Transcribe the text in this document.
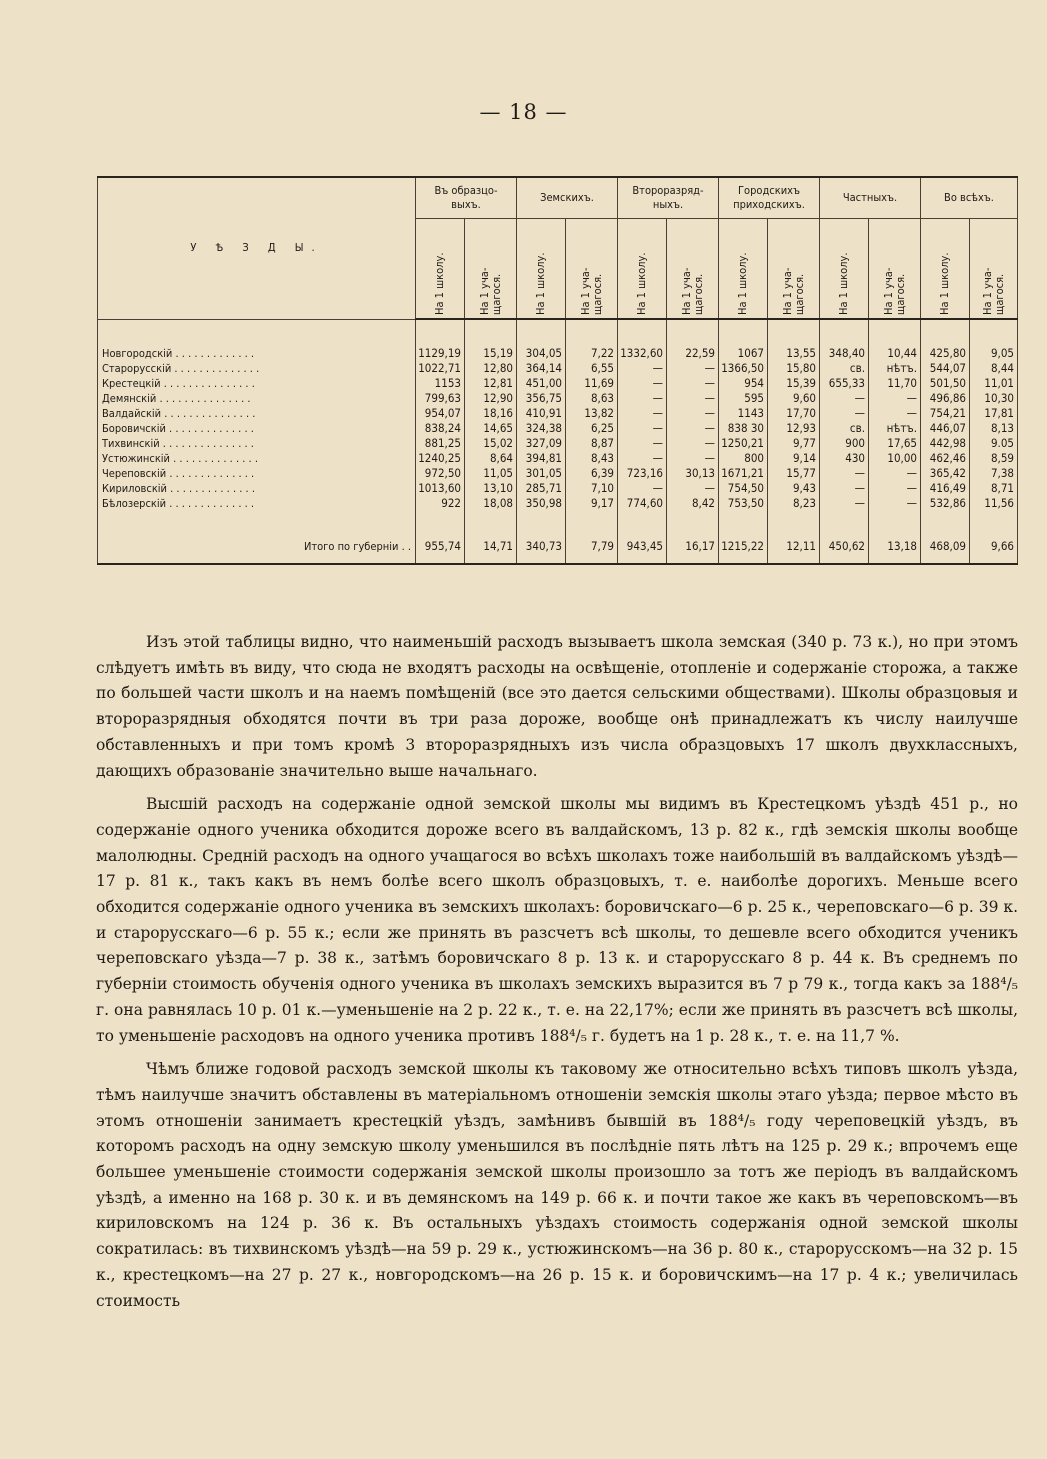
— 18 —
У Ѣ З Д Ы.	Въ образцо-
выхъ.		Земскихъ.		Второразряд-
ныхъ.		Городскихъ
приходскихъ.		Частныхъ.		Во всѣхъ.	

	На 1 школу.	На 1 уча-
щагося.	На 1 школу.	На 1 уча-
щагося.	На 1 школу.	На 1 уча-
щагося.	На 1 школу.	На 1 уча-
щагося.	На 1 школу.	На 1 уча-
щагося.	На 1 школу.	На 1 уча-
щагося.

Новгородскій . . . . . . . . . . . . .	1129,19	15,19	304,05	7,22	1332,60	22,59	1067	13,55	348,40	10,44	425,80	9,05
Старорусскій . . . . . . . . . . . . . .	1022,71	12,80	364,14	6,55	—	—	1366,50	15,80	св.	нѣтъ.	544,07	8,44
Крестецкій . . . . . . . . . . . . . . .	1153	12,81	451,00	11,69	—	—	954	15,39	655,33	11,70	501,50	11,01
Демянскій . . . . . . . . . . . . . . .	799,63	12,90	356,75	8,63	—	—	595	9,60	—	—	496,86	10,30
Валдайскій . . . . . . . . . . . . . . .	954,07	18,16	410,91	13,82	—	—	1143	17,70	—	—	754,21	17,81
Боровичскій . . . . . . . . . . . . . .	838,24	14,65	324,38	6,25	—	—	838 30	12,93	св.	нѣтъ.	446,07	8,13
Тихвинскій . . . . . . . . . . . . . . .	881,25	15,02	327,09	8,87	—	—	1250,21	9,77	900	17,65	442,98	9.05
Устюжинскій . . . . . . . . . . . . . .	1240,25	8,64	394,81	8,43	—	—	800	9,14	430	10,00	462,46	8,59
Череповскій . . . . . . . . . . . . . .	972,50	11,05	301,05	6,39	723,16	30,13	1671,21	15,77	—	—	365,42	7,38
Кириловскій . . . . . . . . . . . . . .	1013,60	13,10	285,71	7,10	—	—	754,50	9,43	—	—	416,49	8,71
Бѣлозерскій . . . . . . . . . . . . . .	922	18,08	350,98	9,17	774,60	8,42	753,50	8,23	—	—	532,86	11,56

Итого по губерніи . .	955,74	14,71	340,73	7,79	943,45	16,17	1215,22	12,11	450,62	13,18	468,09	9,66

Изъ этой таблицы видно, что наименьшій расходъ вызываетъ школа земская (340 р. 73 к.), но при этомъ слѣдуетъ имѣть въ виду, что сюда не входятъ расходы на освѣщеніе, отопленіе и содержаніе сторожа, а также по большей части школъ и на наемъ помѣщеній (все это дается сельскими обществами). Школы образцовыя и второразрядныя обходятся почти въ три раза дороже, вообще онѣ принадлежатъ къ числу наилучше обставленныхъ и при томъ кромѣ 3 второразрядныхъ изъ числа образцовыхъ 17 школъ двухклассныхъ, дающихъ образованіе значительно выше начальнаго.

Высшій расходъ на содержаніе одной земской школы мы видимъ въ Крестецкомъ уѣздѣ 451 р., но содержаніе одного ученика обходится дороже всего въ валдайскомъ, 13 р. 82 к., гдѣ земскія школы вообще малолюдны. Средній расходъ на одного учащагося во всѣхъ школахъ тоже наибольшій въ валдайскомъ уѣздѣ—17 р. 81 к., такъ какъ въ немъ болѣе всего школъ образцовыхъ, т. е. наиболѣе дорогихъ. Меньше всего обходится содержаніе одного ученика въ земскихъ школахъ: боровичскаго—6 р. 25 к., череповскаго—6 р. 39 к. и старорусскаго—6 р. 55 к.; если же принять въ разсчетъ всѣ школы, то дешевле всего обходится ученикъ череповскаго уѣзда—7 р. 38 к., затѣмъ боровичскаго 8 р. 13 к. и старорусскаго 8 р. 44 к. Въ среднемъ по губерніи стоимость обученія одного ученика въ школахъ земскихъ выразится въ 7 р 79 к., тогда какъ за 188⁴/₅ г. она равнялась 10 р. 01 к.—уменьшеніе на 2 р. 22 к., т. е. на 22,17%; если же принять въ разсчетъ всѣ школы, то уменьшеніе расходовъ на одного ученика противъ 188⁴/₅ г. будетъ на 1 р. 28 к., т. е. на 11,7 %.

Чѣмъ ближе годовой расходъ земской школы къ таковому же относительно всѣхъ типовъ школъ уѣзда, тѣмъ наилучше значитъ обставлены въ матеріальномъ отношеніи земскія школы этаго уѣзда; первое мѣсто въ этомъ отношеніи занимаетъ крестецкій уѣздъ, замѣнивъ бывшій въ 188⁴/₅ году череповецкій уѣздъ, въ которомъ расходъ на одну земскую школу уменьшился въ послѣдніе пять лѣтъ на 125 р. 29 к.; впрочемъ еще большее уменьшеніе стоимости содержанія земской школы произошло за тотъ же періодъ въ валдайскомъ уѣздѣ, а именно на 168 р. 30 к. и въ демянскомъ на 149 р. 66 к. и почти такое же какъ въ череповскомъ—въ кириловскомъ на 124 р. 36 к. Въ остальныхъ уѣздахъ стоимость содержанія одной земской школы сократилась: въ тихвинскомъ уѣздѣ—на 59 р. 29 к., устюжинскомъ—на 36 р. 80 к., старорусскомъ—на 32 р. 15 к., крестецкомъ—на 27 р. 27 к., новгородскомъ—на 26 р. 15 к. и боровичскимъ—на 17 р. 4 к.; увеличилась стоимость
